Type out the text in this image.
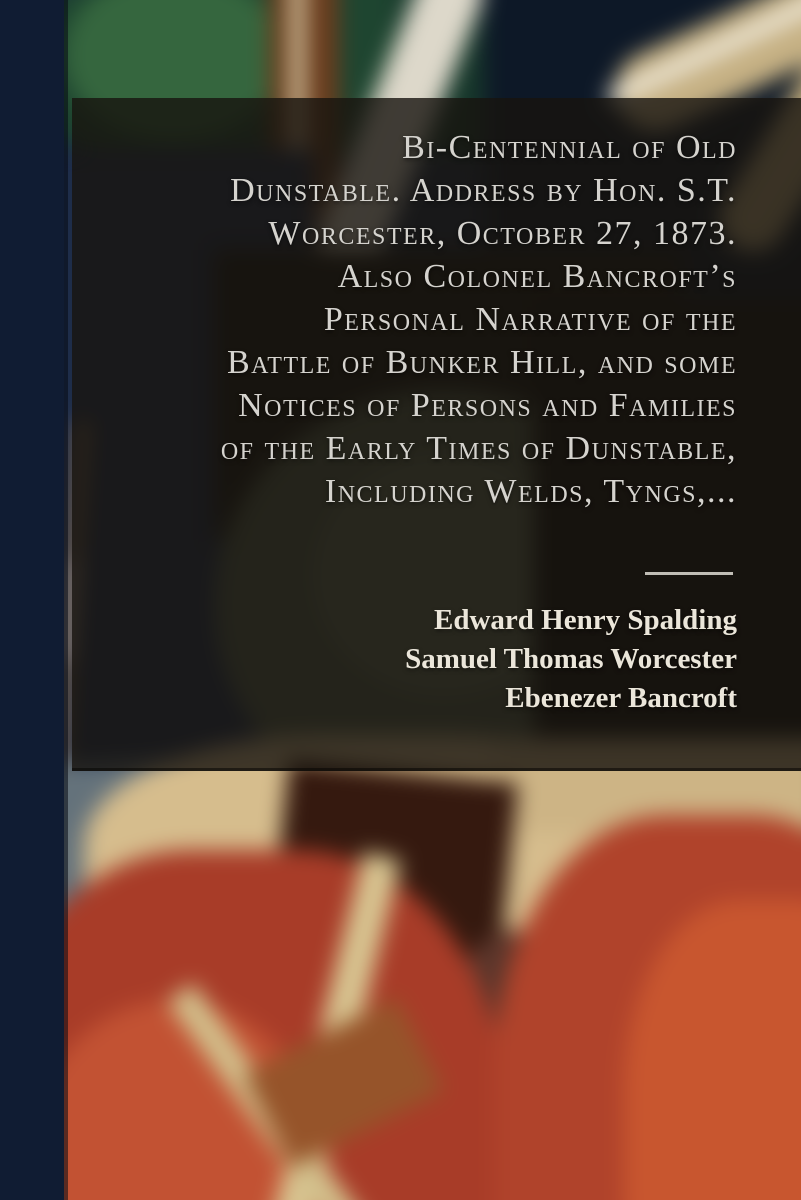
Bi-Centennial of Old
Dunstable. Address by Hon. S.T.
Worcester, October 27, 1873.
Also Colonel Bancroft’s
Personal Narrative of the
Battle of Bunker Hill, and some
Notices of Persons and Families
of the Early Times of Dunstable,
Including Welds, Tyngs,...
Edward Henry Spalding
Samuel Thomas Worcester
Ebenezer Bancroft
